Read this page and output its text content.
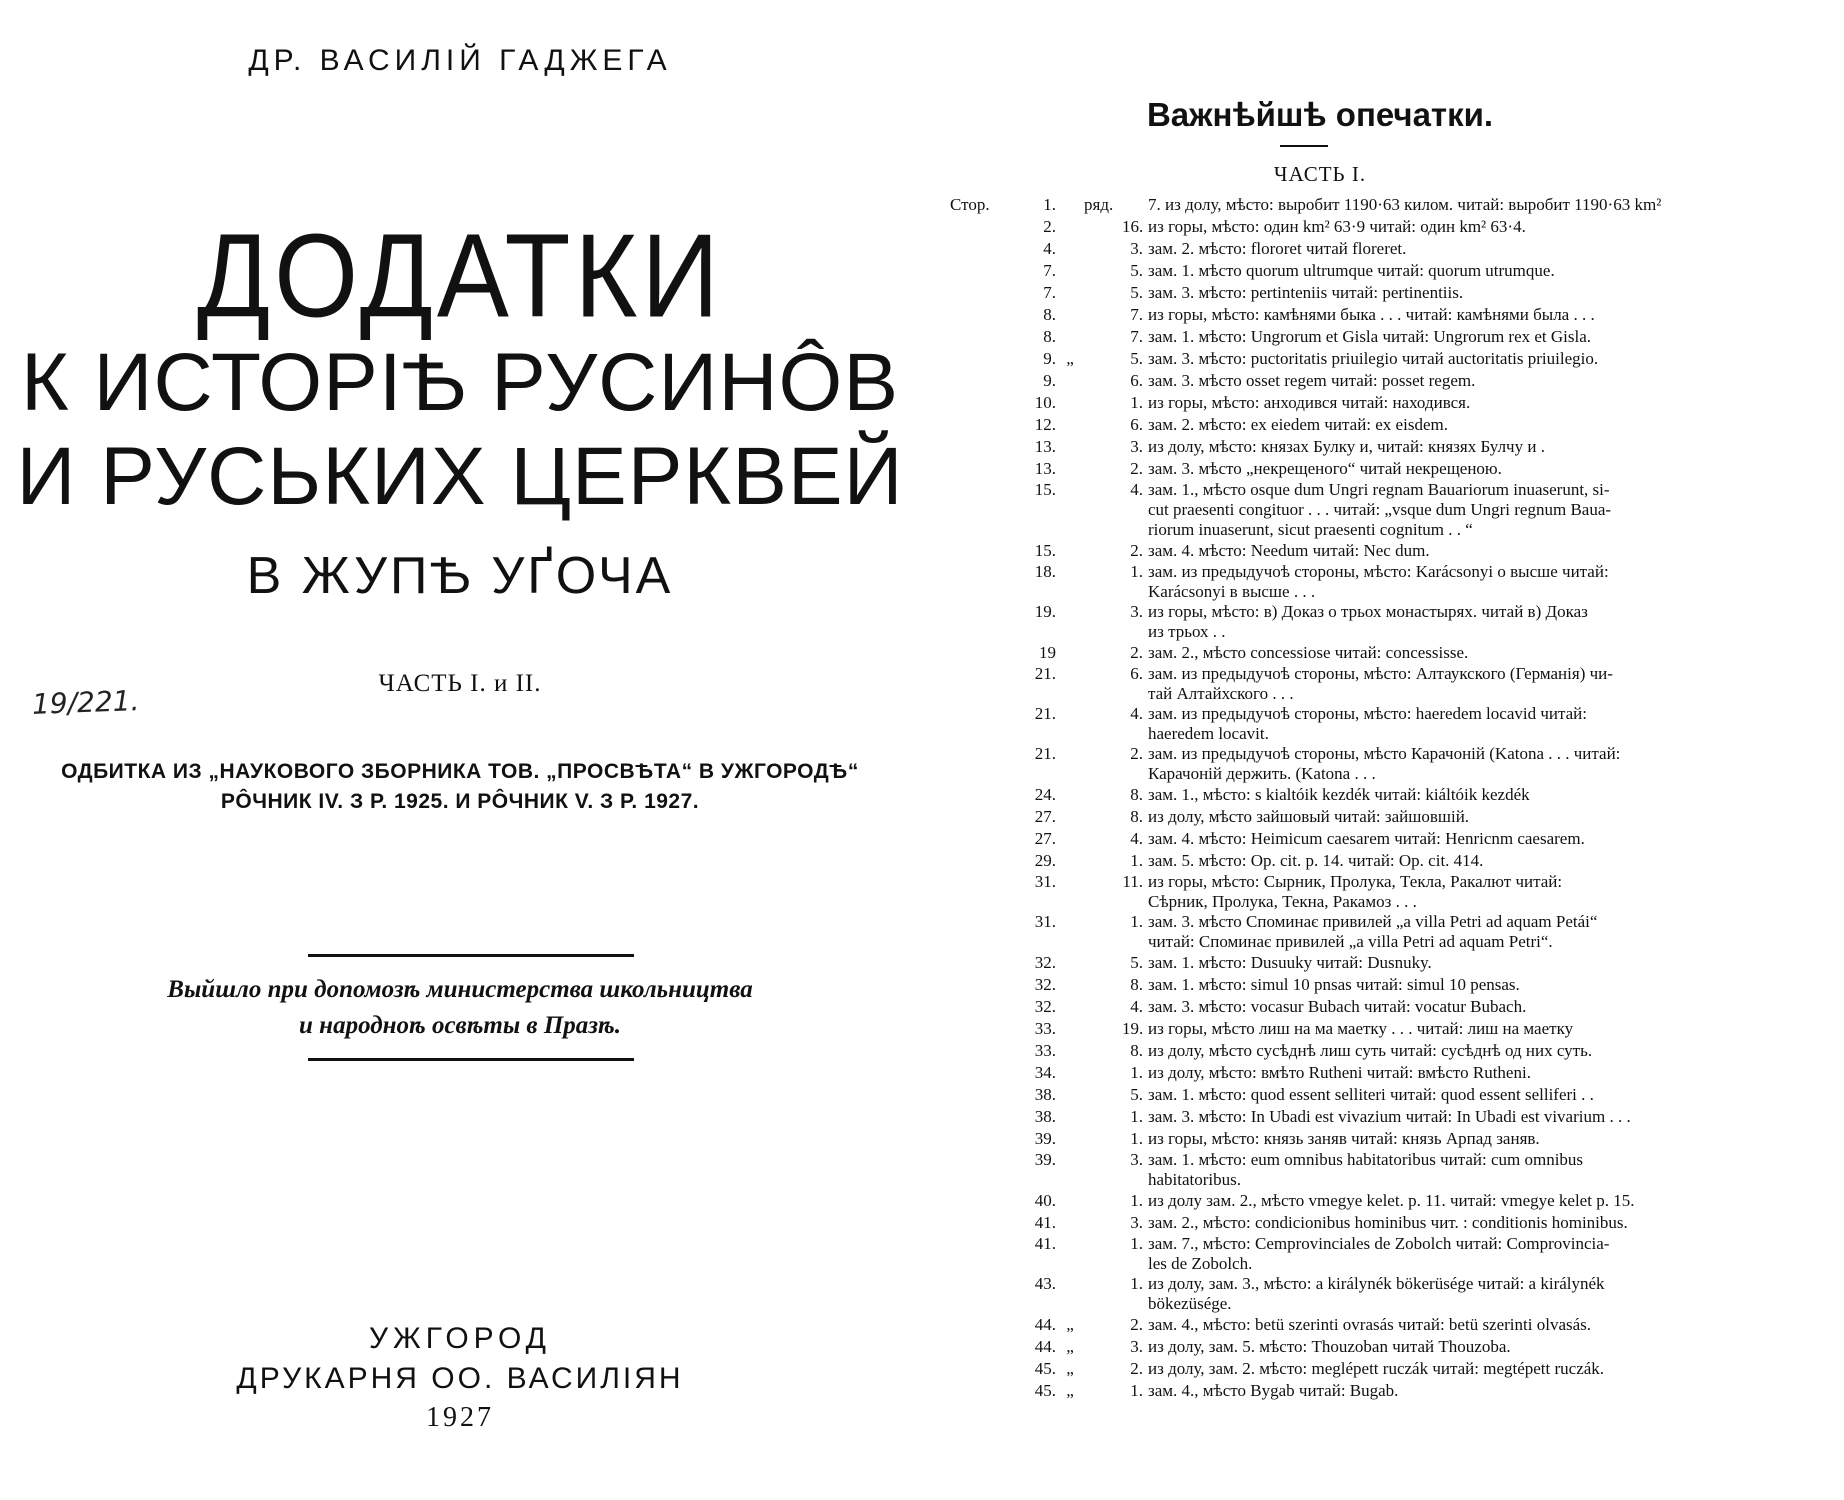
ДР. ВАСИЛІЙ ГАДЖЕГА
ДОДАТКИ
К ИСТОРІѢ РУСИНÔВ
И РУСЬКИХ ЦЕРКВЕЙ
В ЖУПѢ УҐОЧА
ЧАСТЬ I. и II.
19/221.
ОДБИТКА ИЗ „НАУКОВОГО ЗБОРНИКА ТОВ. „ПРОСВѢТА“ В УЖГОРОДѢ“
РÔЧНИК IV. З Р. 1925. И РÔЧНИК V. З Р. 1927.
Выйшло при допомозѣ министерства школьництва
и народноѣ освѣты в Празѣ.
УЖГОРОД
ДРУКАРНЯ ОО. ВАСИЛІЯН
1927
Важнѣйшѣ опечатки.
ЧАСТЬ I.
Стор.	1. ряд.	7. из долу, мѣсто: выробит 1190·63 килом. читай: выробит 1190·63 km²
2.	16. из горы, мѣсто: один km² 63·9 читай: один km² 63·4.
4.	3. зам. 2. мѣсто: flororet читай floreret.
7.	5. зам. 1. мѣсто quorum ultrumque читай: quorum utrumque.
7.	5. зам. 3. мѣсто: pertinteniis читай: pertinentiis.
8.	7. из горы, мѣсто: камѣнями быка . . . читай: камѣнями была . . .
8.	7. зам. 1. мѣсто: Ungrorum et Gisla читай: Ungrorum rex et Gisla.
9. „	5. зам. 3. мѣсто: puctoritatis priuilegio читай auctoritatis priuilegio.
9.	6. зам. 3. мѣсто osset regem читай: posset regem.
10.	1. из горы, мѣсто: анходився читай: находився.
12.	6. зам. 2. мѣсто: ex eiedem читай: ex eisdem.
13.	3. из долу, мѣсто: князах Булку и, читай: князях Булчу и .
13.	2. зам. 3. мѣсто „некрещеного“ читай некрещеною.
15.	4. зам. 1., мѣсто osque dum Ungri regnam Bauariorum inuaserunt, si-
cut praesenti congituor . . . читай: „vsque dum Ungri regnum Baua-
riorum inuaserunt, sicut praesenti cognitum . . “
15.	2. зам. 4. мѣсто: Needum читай: Nec dum.
18.	1. зам. из предыдучоѣ стороны, мѣсто: Karácsonyi о высше читай:
Karácsonyi в высше . . .
19.	3. из горы, мѣсто: в) Доказ о трьох монастырях. читай в) Доказ
из трьох . .
19	2. зам. 2., мѣсто concessiose читай: concessisse.
21.	6. зам. из предыдучоѣ стороны, мѣсто: Алтаукского (Германія) чи-
тай Алтайхского . . .
21.	4. зам. из предыдучоѣ стороны, мѣсто: haeredem locavid читай:
haeredem locavit.
21.	2. зам. из предыдучоѣ стороны, мѣсто Карачоній (Katona . . . читай:
Карачоній держить. (Katona . . .
24.	8. зам. 1., мѣсто: s kialtóik kezdék читай: kiáltóik kezdék
27.	8. из долу, мѣсто зайшовый читай: зайшовшій.
27.	4. зам. 4. мѣсто: Heimicum caesarem читай: Henricnm caesarem.
29.	1. зам. 5. мѣсто: Op. cit. p. 14. читай: Op. cit. 414.
31.	11. из горы, мѣсто: Сырник, Пролука, Текла, Ракалют читай:
Сѣрник, Пролука, Текна, Ракамоз . . .
31.	1. зам. 3. мѣсто Споминає привилей „a villa Petri ad aquam Petái“
читай: Споминає привилей „a villa Petri ad aquam Petri“.
32.	5. зам. 1. мѣсто: Dusuuky читай: Dusnuky.
32.	8. зам. 1. мѣсто: simul 10 pnsas читай: simul 10 pensas.
32.	4. зам. 3. мѣсто: vocasur Bubach читай: vocatur Bubach.
33.	19. из горы, мѣсто лиш на ма маетку . . . читай: лиш на маетку
33.	8. из долу, мѣсто сусѣднѣ лиш суть читай: сусѣднѣ од них суть.
34.	1. из долу, мѣсто: вмѣто Rutheni читай: вмѣсто Rutheni.
38.	5. зам. 1. мѣсто: quod essent selliteri читай: quod essent selliferi . .
38.	1. зам. 3. мѣсто: In Ubadi est vivazium читай: In Ubadi est vivarium . . .
39.	1. из горы, мѣсто: князь заняв читай: князь Арпад заняв.
39.	3. зам. 1. мѣсто: eum omnibus habitatoribus читай: cum omnibus
habitatoribus.
40.	1. из долу зам. 2., мѣсто vmegye kelet. p. 11. читай: vmegye kelet p. 15.
41.	3. зам. 2., мѣсто: condicionibus hominibus чит. : conditionis hominibus.
41.	1. зам. 7., мѣсто: Cemprovinciales de Zobolch читай: Comprovincia-
les de Zobolch.
43.	1. из долу, зам. 3., мѣсто: a királynék bökerüsége читай: a királynék
bökezüsége.
44. „	2. зам. 4., мѣсто: betü szerinti ovrasás читай: betü szerinti olvasás.
44. „	3. из долу, зам. 5. мѣсто: Thouzoban читай Thouzoba.
45. „	2. из долу, зам. 2. мѣсто: meglépett ruczák читай: megtépett ruczák.
45. „	1. зам. 4., мѣсто Bygab читай: Bugab.
